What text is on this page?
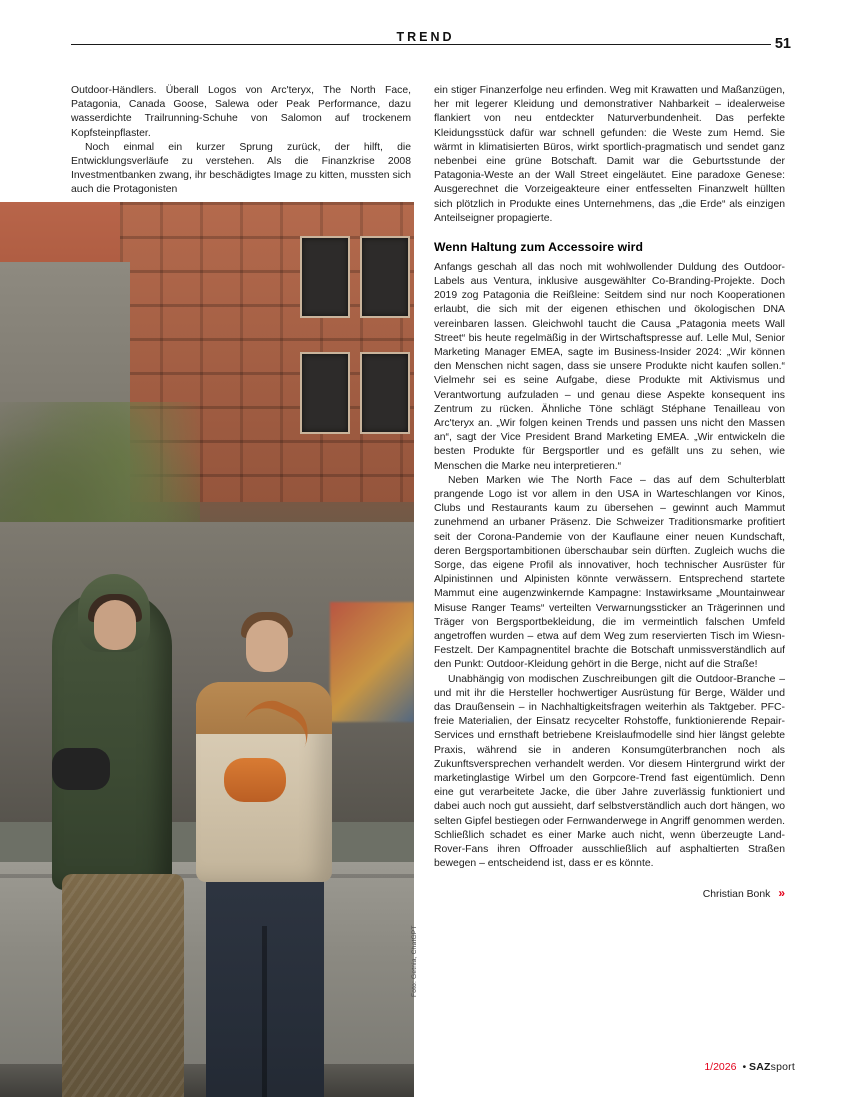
TREND	51

Outdoor-Händlers. Überall Logos von Arc'teryx, The North Face, Patagonia, Canada Goose, Salewa oder Peak Performance, dazu wasserdichte Trailrunning-Schuhe von Salomon auf trockenem Kopfsteinpflaster.

Noch einmal ein kurzer Sprung zurück, der hilft, die Entwicklungsverläufe zu verstehen. Als die Finanzkrise 2008 Investmentbanken zwang, ihr beschädigtes Image zu kitten, mussten sich auch die Protagonisten

Foto: Getnia, ChatGPT

ein stiger Finanzerfolge neu erfinden. Weg mit Krawatten und Maßanzügen, her mit legerer Kleidung und demonstrativer Nahbarkeit – idealerweise flankiert von neu entdeckter Naturverbundenheit. Das perfekte Kleidungsstück dafür war schnell gefunden: die Weste zum Hemd. Sie wärmt in klimatisierten Büros, wirkt sportlich-pragmatisch und sendet ganz nebenbei eine grüne Botschaft. Damit war die Geburtsstunde der Patagonia-Weste an der Wall Street eingeläutet. Eine paradoxe Genese: Ausgerechnet die Vorzeigeakteure einer entfesselten Finanzwelt hüllten sich plötzlich in Produkte eines Unternehmens, das „die Erde“ als einzigen Anteilseigner propagierte.

Wenn Haltung zum Accessoire wird

Anfangs geschah all das noch mit wohlwollender Duldung des Outdoor-Labels aus Ventura, inklusive ausgewählter Co-Branding-Projekte. Doch 2019 zog Patagonia die Reißleine: Seitdem sind nur noch Kooperationen erlaubt, die sich mit der eigenen ethischen und ökologischen DNA vereinbaren lassen. Gleichwohl taucht die Causa „Patagonia meets Wall Street“ bis heute regelmäßig in der Wirtschaftspresse auf. Lelle Mul, Senior Marketing Manager EMEA, sagte im Business-Insider 2024: „Wir können den Menschen nicht sagen, dass sie unsere Produkte nicht kaufen sollen.“ Vielmehr sei es seine Aufgabe, diese Produkte mit Aktivismus und Verantwortung aufzuladen – und genau diese Aspekte konsequent ins Zentrum zu rücken. Ähnliche Töne schlägt Stéphane Tenailleau von Arc'teryx an. „Wir folgen keinen Trends und passen uns nicht den Massen an“, sagt der Vice President Brand Marketing EMEA. „Wir entwickeln die besten Produkte für Bergsportler und es gefällt uns zu sehen, wie Menschen die Marke neu interpretieren.“

Neben Marken wie The North Face – das auf dem Schulterblatt prangende Logo ist vor allem in den USA in Warteschlangen vor Kinos, Clubs und Restaurants kaum zu übersehen – gewinnt auch Mammut zunehmend an urbaner Präsenz. Die Schweizer Traditionsmarke profitiert seit der Corona-Pandemie von der Kauflaune einer neuen Kundschaft, deren Bergsportambitionen überschaubar sein dürften. Zugleich wuchs die Sorge, das eigene Profil als innovativer, hoch technischer Ausrüster für Alpinistinnen und Alpinisten könnte verwässern. Entsprechend startete Mammut eine augenzwinkernde Kampagne: Instawirksame „Mountainwear Misuse Ranger Teams“ verteilten Verwarnungssticker an Trägerinnen und Träger von Bergsportbekleidung, die im vermeintlich falschen Umfeld angetroffen wurden – etwa auf dem Weg zum reservierten Tisch im Wiesn-Festzelt. Der Kampagnentitel brachte die Botschaft unmissverständlich auf den Punkt: Outdoor-Kleidung gehört in die Berge, nicht auf die Straße!

Unabhängig von modischen Zuschreibungen gilt die Outdoor-Branche – und mit ihr die Hersteller hochwertiger Ausrüstung für Berge, Wälder und das Draußensein – in Nachhaltigkeitsfragen weiterhin als Taktgeber. PFC-freie Materialien, der Einsatz recycelter Rohstoffe, funktionierende Repair-Services und ernsthaft betriebene Kreislaufmodelle sind hier längst gelebte Praxis, während sie in anderen Konsumgüterbranchen noch als Zukunftsversprechen verhandelt werden. Vor diesem Hintergrund wirkt der marketinglastige Wirbel um den Gorpcore-Trend fast eigentümlich. Denn eine gut verarbeitete Jacke, die über Jahre zuverlässig funktioniert und dabei auch noch gut aussieht, darf selbstverständlich auch dort hängen, wo selten Gipfel bestiegen oder Fernwanderwege in Angriff genommen werden. Schließlich schadet es einer Marke auch nicht, wenn überzeugte Land-Rover-Fans ihren Offroader ausschließlich auf asphaltierten Straßen bewegen – entscheidend ist, dass er es könnte.

Christian Bonk »
1/2026 • SAZsport
